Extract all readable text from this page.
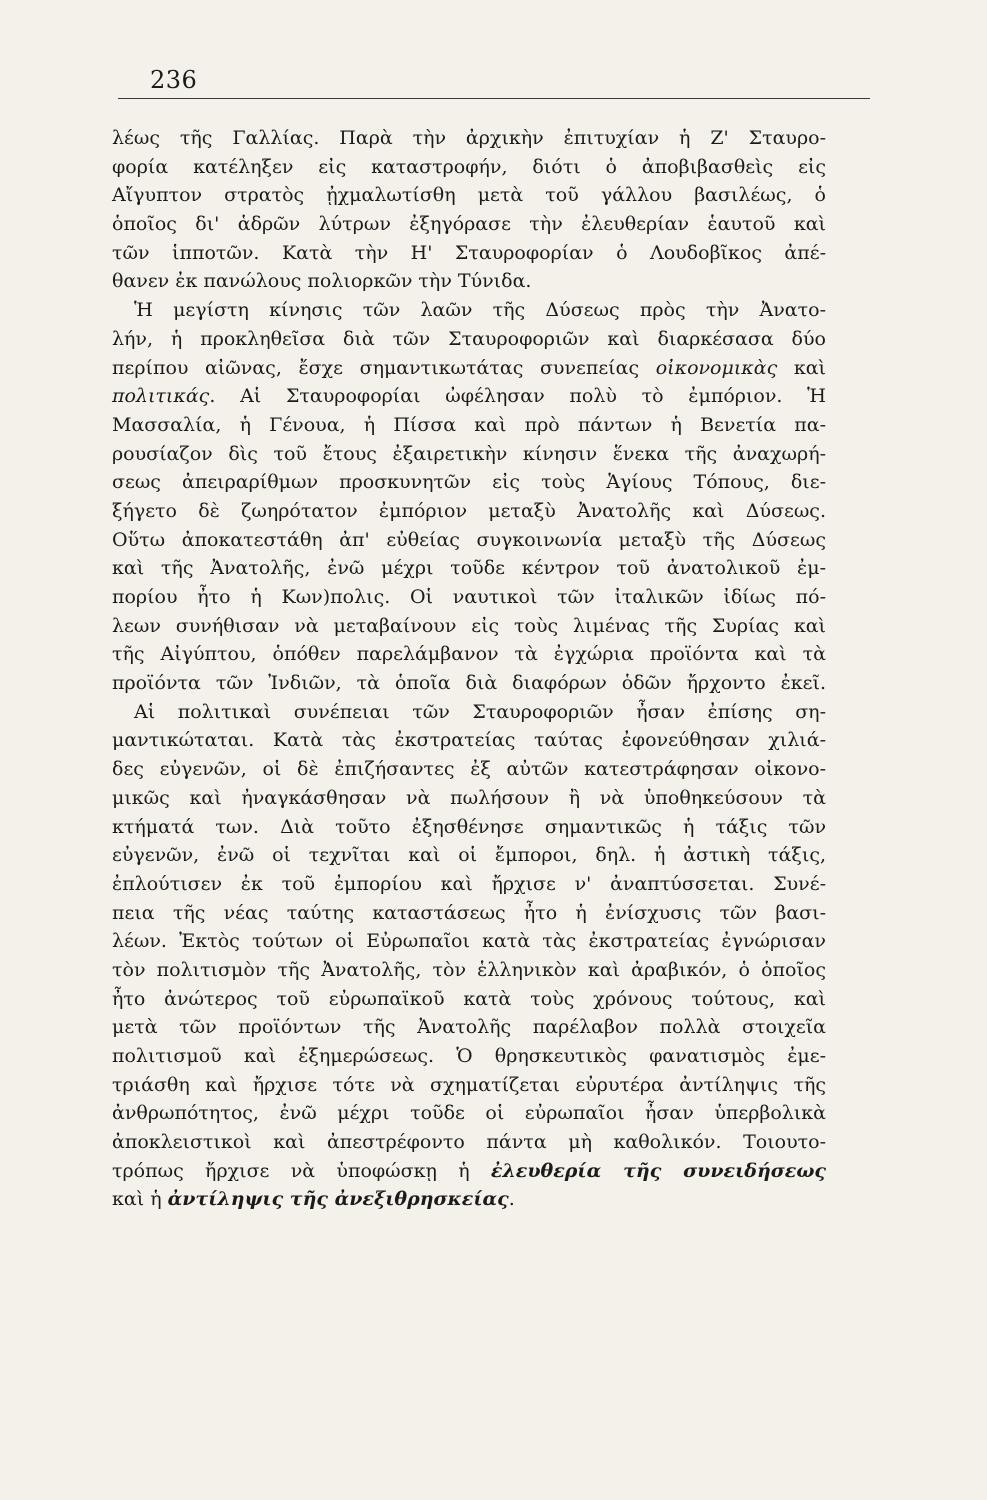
236
λέως τῆς Γαλλίας. Παρὰ τὴν ἀρχικὴν ἐπιτυχίαν ἡ Ζ' Σταυρο-
φορία κατέληξεν εἰς καταστροφήν, διότι ὁ ἀποβιβασθεὶς εἰς
Αἴγυπτον στρατὸς ᾐχμαλωτίσθη μετὰ τοῦ γάλλου βασιλέως, ὁ
ὁποῖος δι' ἁδρῶν λύτρων ἐξηγόρασε τὴν ἐλευθερίαν ἑαυτοῦ καὶ
τῶν ἱπποτῶν. Κατὰ τὴν Η' Σταυροφορίαν ὁ Λουδοβῖκος ἀπέ-
θανεν ἐκ πανώλους πολιορκῶν τὴν Τύνιδα.
Ἡ μεγίστη κίνησις τῶν λαῶν τῆς Δύσεως πρὸς τὴν Ἀνατο-
λήν, ἡ προκληθεῖσα διὰ τῶν Σταυροφοριῶν καὶ διαρκέσασα δύο
περίπου αἰῶνας, ἔσχε σημαντικωτάτας συνεπείας οἰκονομικὰς καὶ
πολιτικάς. Αἱ Σταυροφορίαι ὠφέλησαν πολὺ τὸ ἐμπόριον. Ἡ
Μασσαλία, ἡ Γένουα, ἡ Πίσσα καὶ πρὸ πάντων ἡ Βενετία πα-
ρουσίαζον δὶς τοῦ ἔτους ἐξαιρετικὴν κίνησιν ἕνεκα τῆς ἀναχωρή-
σεως ἀπειραρίθμων προσκυνητῶν εἰς τοὺς Ἁγίους Τόπους, διε-
ξήγετο δὲ ζωηρότατον ἐμπόριον μεταξὺ Ἀνατολῆς καὶ Δύσεως.
Οὕτω ἀποκατεστάθη ἀπ' εὐθείας συγκοινωνία μεταξὺ τῆς Δύσεως
καὶ τῆς Ἀνατολῆς, ἐνῶ μέχρι τοῦδε κέντρον τοῦ ἀνατολικοῦ ἐμ-
πορίου ἦτο ἡ Κων)πολις. Οἱ ναυτικοὶ τῶν ἰταλικῶν ἰδίως πό-
λεων συνήθισαν νὰ μεταβαίνουν εἰς τοὺς λιμένας τῆς Συρίας καὶ
τῆς Αἰγύπτου, ὁπόθεν παρελάμβανον τὰ ἐγχώρια προϊόντα καὶ τὰ
προϊόντα τῶν Ἰνδιῶν, τὰ ὁποῖα διὰ διαφόρων ὁδῶν ἤρχοντο ἐκεῖ.
Αἱ πολιτικαὶ συνέπειαι τῶν Σταυροφοριῶν ἦσαν ἐπίσης ση-
μαντικώταται. Κατὰ τὰς ἐκστρατείας ταύτας ἐφονεύθησαν χιλιά-
δες εὐγενῶν, οἱ δὲ ἐπιζήσαντες ἐξ αὐτῶν κατεστράφησαν οἰκονο-
μικῶς καὶ ἠναγκάσθησαν νὰ πωλήσουν ἢ νὰ ὑποθηκεύσουν τὰ
κτήματά των. Διὰ τοῦτο ἐξησθένησε σημαντικῶς ἡ τάξις τῶν
εὐγενῶν, ἐνῶ οἱ τεχνῖται καὶ οἱ ἔμποροι, δηλ. ἡ ἀστικὴ τάξις,
ἐπλούτισεν ἐκ τοῦ ἐμπορίου καὶ ἤρχισε ν' ἀναπτύσσεται. Συνέ-
πεια τῆς νέας ταύτης καταστάσεως ἦτο ἡ ἐνίσχυσις τῶν βασι-
λέων. Ἐκτὸς τούτων οἱ Εὐρωπαῖοι κατὰ τὰς ἐκστρατείας ἐγνώρισαν
τὸν πολιτισμὸν τῆς Ἀνατολῆς, τὸν ἑλληνικὸν καὶ ἀραβικόν, ὁ ὁποῖος
ἦτο ἀνώτερος τοῦ εὐρωπαϊκοῦ κατὰ τοὺς χρόνους τούτους, καὶ
μετὰ τῶν προϊόντων τῆς Ἀνατολῆς παρέλαβον πολλὰ στοιχεῖα
πολιτισμοῦ καὶ ἐξημερώσεως. Ὁ θρησκευτικὸς φανατισμὸς ἐμε-
τριάσθη καὶ ἤρχισε τότε νὰ σχηματίζεται εὐρυτέρα ἀντίληψις τῆς
ἀνθρωπότητος, ἐνῶ μέχρι τοῦδε οἱ εὐρωπαῖοι ἦσαν ὑπερβολικὰ
ἀποκλειστικοὶ καὶ ἀπεστρέφοντο πάντα μὴ καθολικόν. Τοιουτο-
τρόπως ἤρχισε νὰ ὑποφώσκῃ ἡ ἐλευθερία τῆς συνειδήσεως
καὶ ἡ ἀντίληψις τῆς ἀνεξιθρησκείας.
